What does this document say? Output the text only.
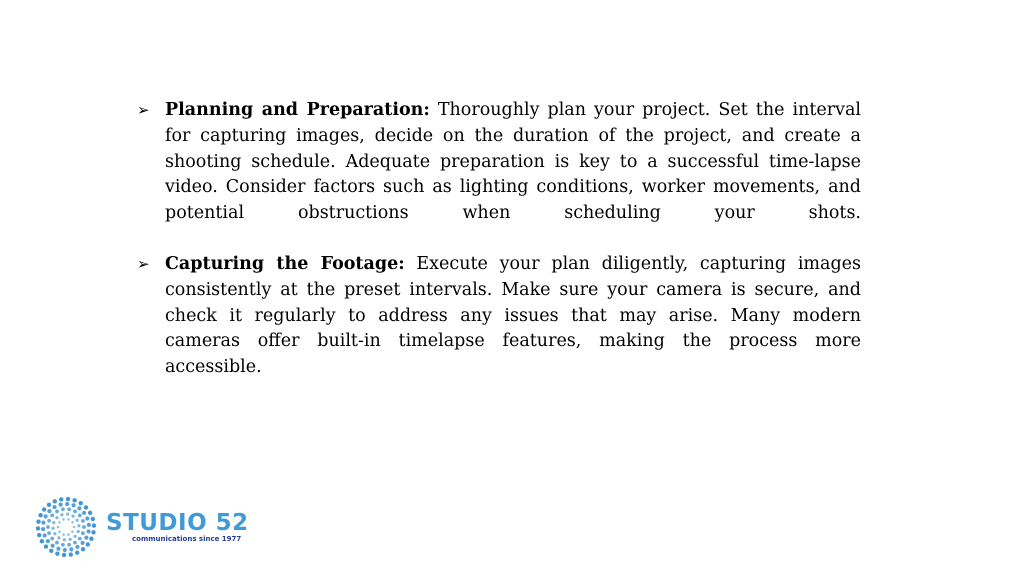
➢ Planning and Preparation: Thoroughly plan your project. Set the interval for capturing images, decide on the duration of the project, and create a shooting schedule. Adequate preparation is key to a successful time-lapse video. Consider factors such as lighting conditions, worker movements, and potential obstructions when scheduling your shots.
➢ Capturing the Footage: Execute your plan diligently, capturing images consistently at the preset intervals. Make sure your camera is secure, and check it regularly to address any issues that may arise. Many modern cameras offer built-in timelapse features, making the process more accessible.
STUDIO 52
communications since 1977
